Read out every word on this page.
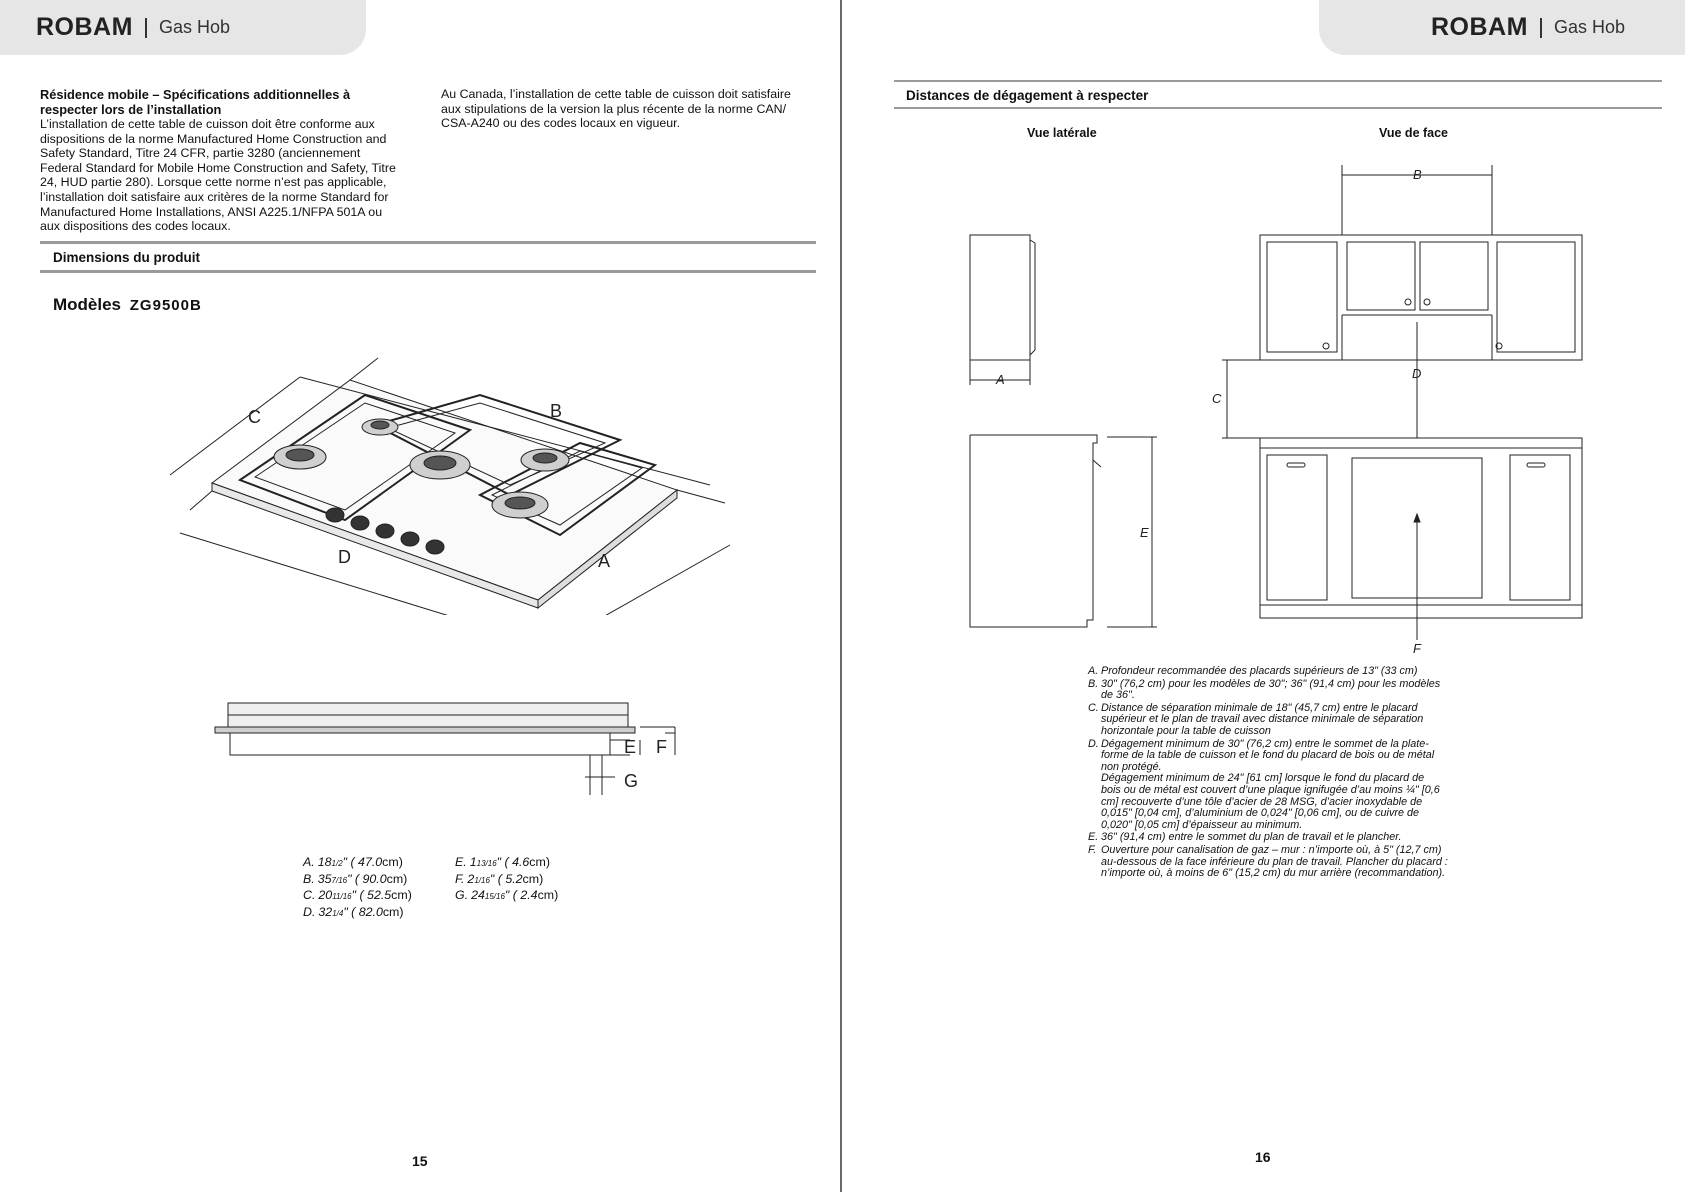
ROBAM Gas Hob
Résidence mobile – Spécifications additionnelles à
respecter lors de l’installation
L’installation de cette table de cuisson doit être conforme aux
dispositions de la norme Manufactured Home Construction and
Safety Standard, Titre 24 CFR, partie 3280 (anciennement
Federal Standard for Mobile Home Construction and Safety, Titre
24, HUD partie 280). Lorsque cette norme n’est pas applicable,
l’installation doit satisfaire aux critères de la norme Standard for
Manufactured Home Installations, ANSI A225.1/NFPA 501A ou
aux dispositions des codes locaux.
Au Canada, l’installation de cette table de cuisson doit satisfaire
aux stipulations de la version la plus récente de la norme CAN/
CSA-A240 ou des codes locaux en vigueur.
Dimensions du produit
Modèles ZG9500B
C	B
D	A
E F
G
A. 181/2" ( 47.0cm)
B. 357/16" ( 90.0cm)
C. 2011/16" ( 52.5cm)
D. 321/4" ( 82.0cm)
E. 113/16" ( 4.6cm)
F. 21/16" ( 5.2cm)
G. 2415/16" ( 2.4cm)
15
ROBAM Gas Hob
Distances de dégagement à respecter
Vue latérale	Vue de face
A
E
B
C
D
F
A. Profondeur recommandée des placards supérieurs de 13" (33 cm)
B. 30" (76,2 cm) pour les modèles de 30"; 36" (91,4 cm) pour les modèles
de 36".
C. Distance de séparation minimale de 18" (45,7 cm) entre le placard
supérieur et le plan de travail avec distance minimale de séparation
horizontale pour la table de cuisson
D. Dégagement minimum de 30" (76,2 cm) entre le sommet de la plate-
forme de la table de cuisson et le fond du placard de bois ou de métal
non protégé.
Dégagement minimum de 24" [61 cm] lorsque le fond du placard de
bois ou de métal est couvert d’une plaque ignifugée d’au moins ¼" [0,6
cm] recouverte d’une tôle d’acier de 28 MSG, d’acier inoxydable de
0,015" [0,04 cm], d’aluminium de 0,024" [0,06 cm], ou de cuivre de
0,020" [0,05 cm] d’épaisseur au minimum.
E. 36" (91,4 cm) entre le sommet du plan de travail et le plancher.
F. Ouverture pour canalisation de gaz – mur : n’importe où, à 5" (12,7 cm)
au-dessous de la face inférieure du plan de travail. Plancher du placard :
n’importe où, à moins de 6" (15,2 cm) du mur arrière (recommandation).
16
